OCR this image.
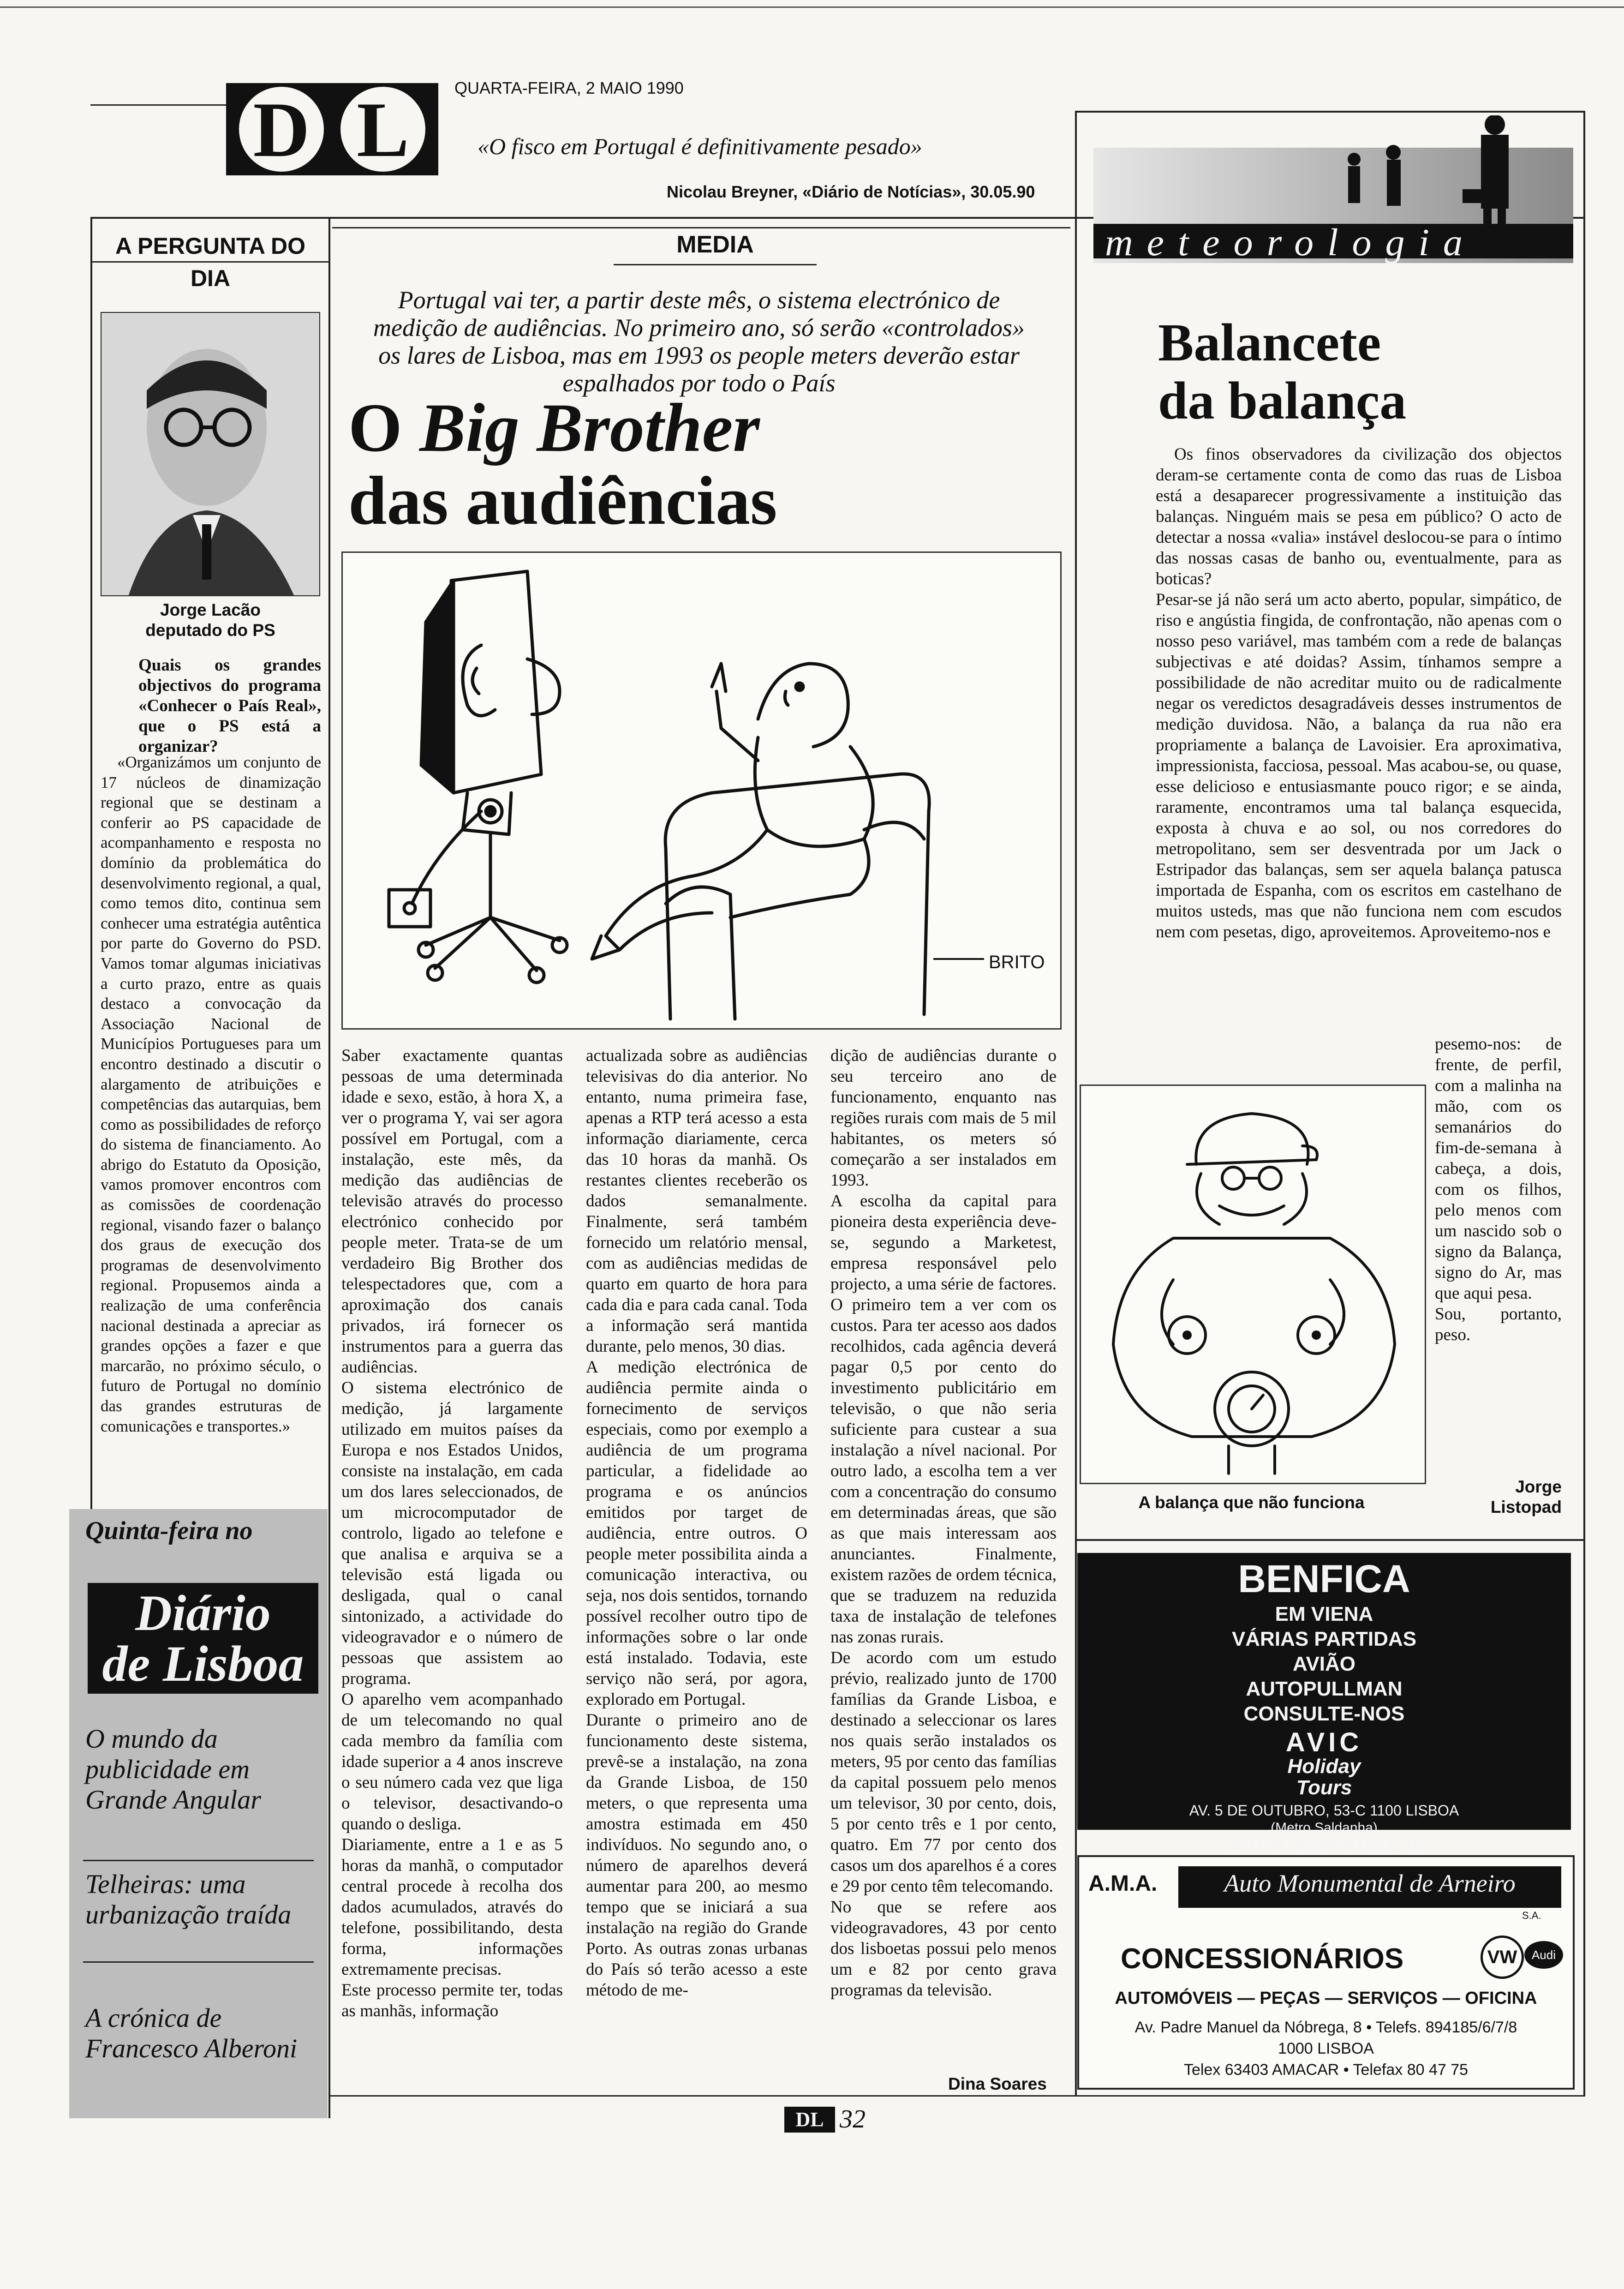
D L	QUARTA-FEIRA, 2 MAIO 1990
«O fisco em Portugal é definitivamente pesado»
Nicolau Breyner, «Diário de Notícias», 30.05.90
A PERGUNTA DO DIA
Jorge Lacão
deputado do PS
Quais os grandes objectivos do programa «Conhecer o País Real», que o PS está a organizar?
«Organizámos um conjunto de 17 núcleos de dinamização regional que se destinam a conferir ao PS capacidade de acompanhamento e resposta no domínio da problemática do desenvolvimento regional, a qual, como temos dito, continua sem conhecer uma estratégia autêntica por parte do Governo do PSD. Vamos tomar algumas iniciativas a curto prazo, entre as quais destaco a convocação da Associação Nacional de Municípios Portugueses para um encontro destinado a discutir o alargamento de atribuições e competências das autarquias, bem como as possibilidades de reforço do sistema de financiamento. Ao abrigo do Estatuto da Oposição, vamos promover encontros com as comissões de coordenação regional, visando fazer o balanço dos graus de execução dos programas de desenvolvimento regional. Propusemos ainda a realização de uma conferência nacional destinada a apreciar as grandes opções a fazer e que marcarão, no próximo século, o futuro de Portugal no domínio das grandes estruturas de comunicações e transportes.»
Quinta-feira no
Diário
de Lisboa
O mundo da publicidade em Grande Angular
Telheiras: uma urbanização traída
A crónica de Francesco Alberoni
MEDIA
Portugal vai ter, a partir deste mês, o sistema electrónico de medição de audiências. No primeiro ano, só serão «controlados» os lares de Lisboa, mas em 1993 os people meters deverão estar espalhados por todo o País
O Big Brother
das audiências
BRITO
Saber exactamente quantas pessoas de uma determinada idade e sexo, estão, à hora X, a ver o programa Y, vai ser agora possível em Portugal, com a instalação, este mês, da medição das audiências de televisão através do processo electrónico conhecido por people meter. Trata-se de um verdadeiro Big Brother dos telespectadores que, com a aproximação dos canais privados, irá fornecer os instrumentos para a guerra das audiências.
O sistema electrónico de medição, já largamente utilizado em muitos países da Europa e nos Estados Unidos, consiste na instalação, em cada um dos lares seleccionados, de um microcomputador de controlo, ligado ao telefone e que analisa e arquiva se a televisão está ligada ou desligada, qual o canal sintonizado, a actividade do videogravador e o número de pessoas que assistem ao programa.
O aparelho vem acompanhado de um telecomando no qual cada membro da família com idade superior a 4 anos inscreve o seu número cada vez que liga o televisor, desactivando-o quando o desliga.
Diariamente, entre a 1 e as 5 horas da manhã, o computador central procede à recolha dos dados acumulados, através do telefone, possibilitando, desta forma, informações extremamente precisas.
Este processo permite ter, todas as manhãs, informação
actualizada sobre as audiências televisivas do dia anterior. No entanto, numa primeira fase, apenas a RTP terá acesso a esta informação diariamente, cerca das 10 horas da manhã. Os restantes clientes receberão os dados semanalmente. Finalmente, será também fornecido um relatório mensal, com as audiências medidas de quarto em quarto de hora para cada dia e para cada canal. Toda a informação será mantida durante, pelo menos, 30 dias.
A medição electrónica de audiência permite ainda o fornecimento de serviços especiais, como por exemplo a audiência de um programa particular, a fidelidade ao programa e os anúncios emitidos por target de audiência, entre outros. O people meter possibilita ainda a comunicação interactiva, ou seja, nos dois sentidos, tornando possível recolher outro tipo de informações sobre o lar onde está instalado. Todavia, este serviço não será, por agora, explorado em Portugal.
Durante o primeiro ano de funcionamento deste sistema, prevê-se a instalação, na zona da Grande Lisboa, de 150 meters, o que representa uma amostra estimada em 450 indivíduos. No segundo ano, o número de aparelhos deverá aumentar para 200, ao mesmo tempo que se iniciará a sua instalação na região do Grande Porto. As outras zonas urbanas do País só terão acesso a este método de me-
dição de audiências durante o seu terceiro ano de funcionamento, enquanto nas regiões rurais com mais de 5 mil habitantes, os meters só começarão a ser instalados em 1993.
A escolha da capital para pioneira desta experiência deve-se, segundo a Marketest, empresa responsável pelo projecto, a uma série de factores. O primeiro tem a ver com os custos. Para ter acesso aos dados recolhidos, cada agência deverá pagar 0,5 por cento do investimento publicitário em televisão, o que não seria suficiente para custear a sua instalação a nível nacional. Por outro lado, a escolha tem a ver com a concentração do consumo em determinadas áreas, que são as que mais interessam aos anunciantes. Finalmente, existem razões de ordem técnica, que se traduzem na reduzida taxa de instalação de telefones nas zonas rurais.
De acordo com um estudo prévio, realizado junto de 1700 famílias da Grande Lisboa, e destinado a seleccionar os lares nos quais serão instalados os meters, 95 por cento das famílias da capital possuem pelo menos um televisor, 30 por cento, dois, 5 por cento três e 1 por cento, quatro. Em 77 por cento dos casos um dos aparelhos é a cores e 29 por cento têm telecomando.
No que se refere aos videogravadores, 43 por cento dos lisboetas possui pelo menos um e 82 por cento grava programas da televisão.
Dina Soares
meteorologia
Balancete
da balança
Os finos observadores da civilização dos objectos deram-se certamente conta de como das ruas de Lisboa está a desaparecer progressivamente a instituição das balanças. Ninguém mais se pesa em público? O acto de detectar a nossa «valia» instável deslocou-se para o íntimo das nossas casas de banho ou, eventualmente, para as boticas?
Pesar-se já não será um acto aberto, popular, simpático, de riso e angústia fingida, de confrontação, não apenas com o nosso peso variável, mas também com a rede de balanças subjectivas e até doidas? Assim, tínhamos sempre a possibilidade de não acreditar muito ou de radicalmente negar os veredictos desagradáveis desses instrumentos de medição duvidosa. Não, a balança da rua não era propriamente a balança de Lavoisier. Era aproximativa, impressionista, facciosa, pessoal. Mas acabou-se, ou quase, esse delicioso e entusiasmante pouco rigor; e se ainda, raramente, encontramos uma tal balança esquecida, exposta à chuva e ao sol, ou nos corredores do metropolitano, sem ser desventrada por um Jack o Estripador das balanças, sem ser aquela balança patusca importada de Espanha, com os escritos em castelhano de muitos usteds, mas que não funciona nem com escudos nem com pesetas, digo, aproveitemos. Aproveitemo-nos e
A balança que não funciona
pesemo-nos: de frente, de perfil, com a malinha na mão, com os semanários do fim-de-semana à cabeça, a dois, com os filhos, pelo menos com um nascido sob o signo da Balança, signo do Ar, mas que aqui pesa.
Sou, portanto, peso.
Jorge
Listopad
BENFICA
EM VIENA
VÁRIAS PARTIDAS
AVIÃO
AUTOPULLMAN
CONSULTE-NOS
AVIC
Holiday
Tours
AV. 5 DE OUTUBRO, 53-C 1100 LISBOA
(Metro Saldanha)
54 77 69 / 57 29 70 / 52 11 16
A.M.A.	Auto Monumental de Arneiro
S.A.
CONCESSIONÁRIOS	VW	Audi
AUTOMÓVEIS — PEÇAS — SERVIÇOS — OFICINA
Av. Padre Manuel da Nóbrega, 8 • Telefs. 894185/6/7/8
1000 LISBOA
Telex 63403 AMACAR • Telefax 80 47 75
DL 32
